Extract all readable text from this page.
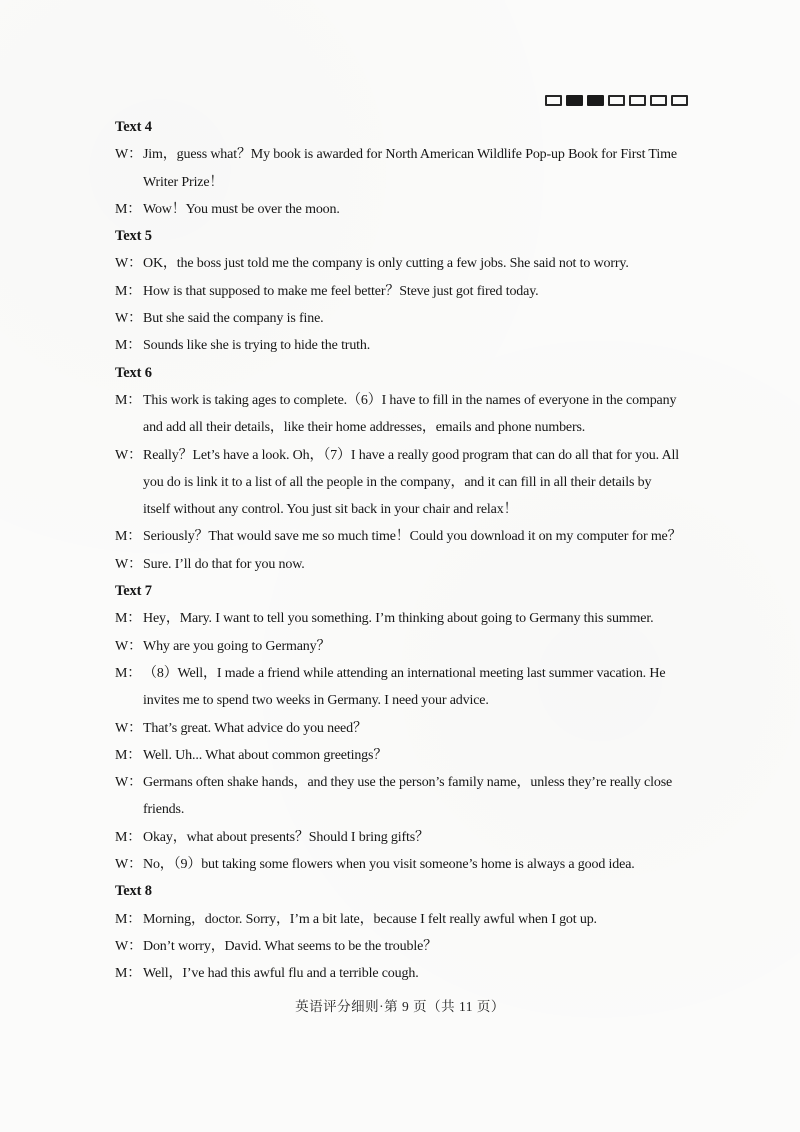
Text 4
W： Jim，guess what？My book is awarded for North American Wildlife Pop-up Book for First Time
Writer Prize！
M： Wow！You must be over the moon.
Text 5
W： OK，the boss just told me the company is only cutting a few jobs. She said not to worry.
M： How is that supposed to make me feel better？Steve just got fired today.
W： But she said the company is fine.
M： Sounds like she is trying to hide the truth.
Text 6
M： This work is taking ages to complete.（6）I have to fill in the names of everyone in the company
and add all their details，like their home addresses，emails and phone numbers.
W： Really？Let’s have a look. Oh，（7）I have a really good program that can do all that for you. All
you do is link it to a list of all the people in the company，and it can fill in all their details by
itself without any control. You just sit back in your chair and relax！
M： Seriously？That would save me so much time！Could you download it on my computer for me？
W： Sure. I’ll do that for you now.
Text 7
M： Hey，Mary. I want to tell you something. I’m thinking about going to Germany this summer.
W： Why are you going to Germany？
M： （8）Well，I made a friend while attending an international meeting last summer vacation. He
invites me to spend two weeks in Germany. I need your advice.
W： That’s great. What advice do you need？
M： Well. Uh... What about common greetings？
W： Germans often shake hands，and they use the person’s family name，unless they’re really close
friends.
M： Okay，what about presents？Should I bring gifts？
W： No，（9）but taking some flowers when you visit someone’s home is always a good idea.
Text 8
M： Morning，doctor. Sorry，I’m a bit late，because I felt really awful when I got up.
W： Don’t worry，David. What seems to be the trouble？
M： Well，I’ve had this awful flu and a terrible cough.
英语评分细则·第 9 页（共 11 页）
